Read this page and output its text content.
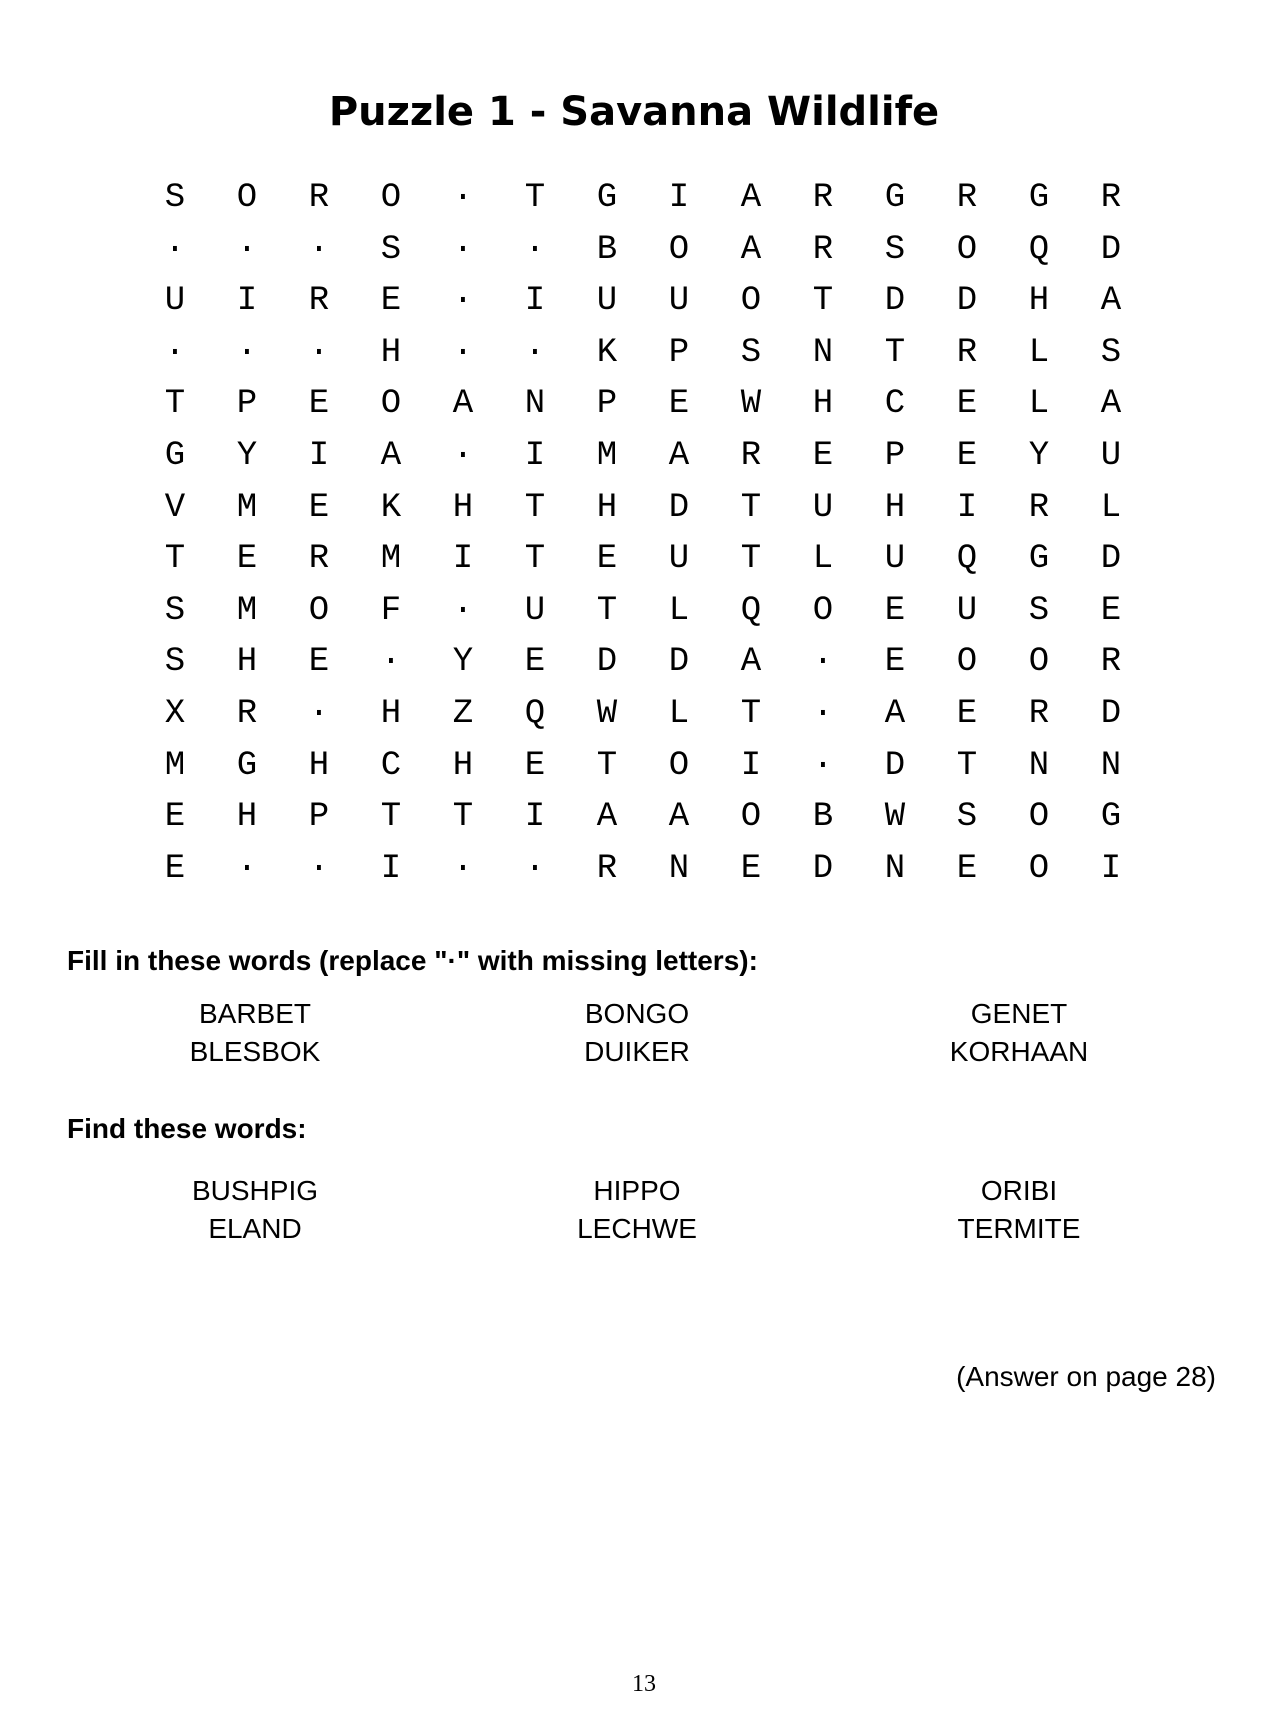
Puzzle 1 - Savanna Wildlife
S O R O · T G I A R G R G R
· · · S · · B O A R S O Q D
U I R E · I U U O T D D H A
· · · H · · K P S N T R L S
T P E O A N P E W H C E L A
G Y I A · I M A R E P E Y U
V M E K H T H D T U H I R L
T E R M I T E U T L U Q G D
S M O F · U T L Q O E U S E
S H E · Y E D D A · E O O R
X R · H Z Q W L T · A E R D
M G H C H E T O I · D T N N
E H P T T I A A O B W S O G
E · · I · · R N E D N E O I
Fill in these words (replace "·" with missing letters):
BARBET	BONGO	GENET
BLESBOK	DUIKER	KORHAAN
Find these words:
BUSHPIG	HIPPO	ORIBI
ELAND	LECHWE	TERMITE
(Answer on page 28)
13
